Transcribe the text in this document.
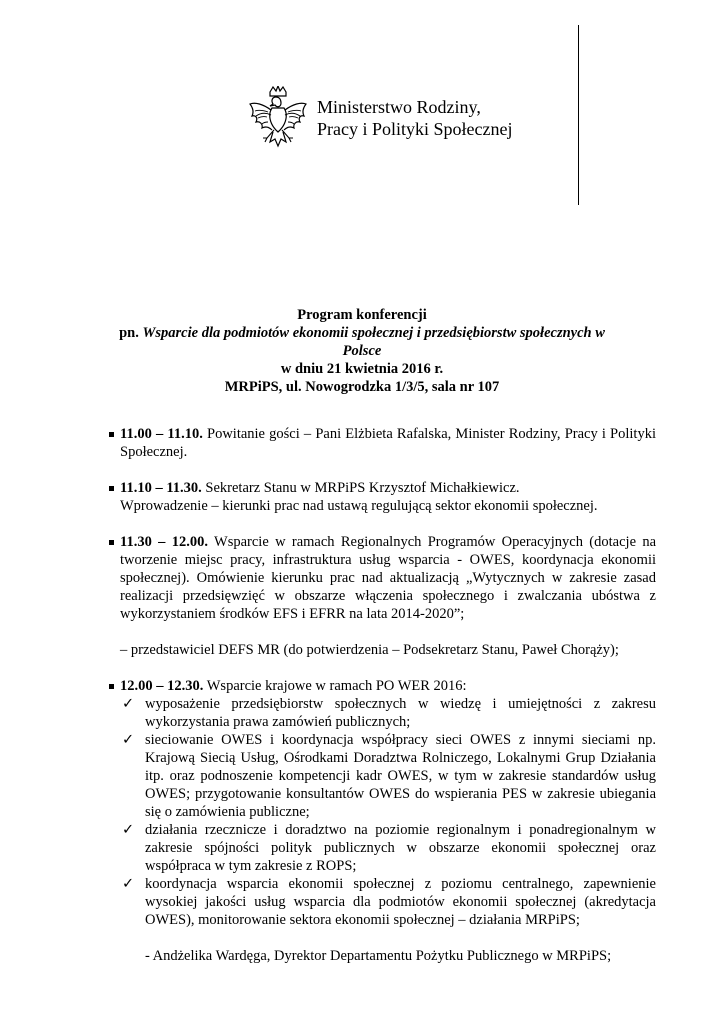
Ministerstwo Rodziny,
Pracy i Polityki Społecznej
Program konferencji
pn. Wsparcie dla podmiotów ekonomii społecznej i przedsiębiorstw społecznych w Polsce
w dniu 21 kwietnia 2016 r.
MRPiPS, ul. Nowogrodzka 1/3/5, sala nr 107
11.00 – 11.10. Powitanie gości – Pani Elżbieta Rafalska, Minister Rodziny, Pracy i Polityki Społecznej.
11.10 – 11.30. Sekretarz Stanu w MRPiPS Krzysztof Michałkiewicz.
Wprowadzenie – kierunki prac nad ustawą regulującą sektor ekonomii społecznej.
11.30 – 12.00. Wsparcie w ramach Regionalnych Programów Operacyjnych (dotacje na tworzenie miejsc pracy, infrastruktura usług wsparcia - OWES, koordynacja ekonomii społecznej). Omówienie kierunku prac nad aktualizacją „Wytycznych w zakresie zasad realizacji przedsięwzięć w obszarze włączenia społecznego i zwalczania ubóstwa z wykorzystaniem środków EFS i EFRR na lata 2014-2020”;

– przedstawiciel DEFS MR (do potwierdzenia – Podsekretarz Stanu, Paweł Chorąży);

12.00 – 12.30. Wsparcie krajowe w ramach PO WER 2016:
✓ wyposażenie przedsiębiorstw społecznych w wiedzę i umiejętności z zakresu wykorzystania prawa zamówień publicznych;
✓ sieciowanie OWES i koordynacja współpracy sieci OWES z innymi sieciami np. Krajową Siecią Usług, Ośrodkami Doradztwa Rolniczego, Lokalnymi Grup Działania itp. oraz podnoszenie kompetencji kadr OWES, w tym w zakresie standardów usług OWES; przygotowanie konsultantów OWES do wspierania PES w zakresie ubiegania się o zamówienia publiczne;
✓ działania rzecznicze i doradztwo na poziomie regionalnym i ponadregionalnym w zakresie spójności polityk publicznych w obszarze ekonomii społecznej oraz współpraca w tym zakresie z ROPS;
✓ koordynacja wsparcia ekonomii społecznej z poziomu centralnego, zapewnienie wysokiej jakości usług wsparcia dla podmiotów ekonomii społecznej (akredytacja OWES), monitorowanie sektora ekonomii społecznej – działania MRPiPS;

- Andżelika Wardęga, Dyrektor Departamentu Pożytku Publicznego w MRPiPS;
